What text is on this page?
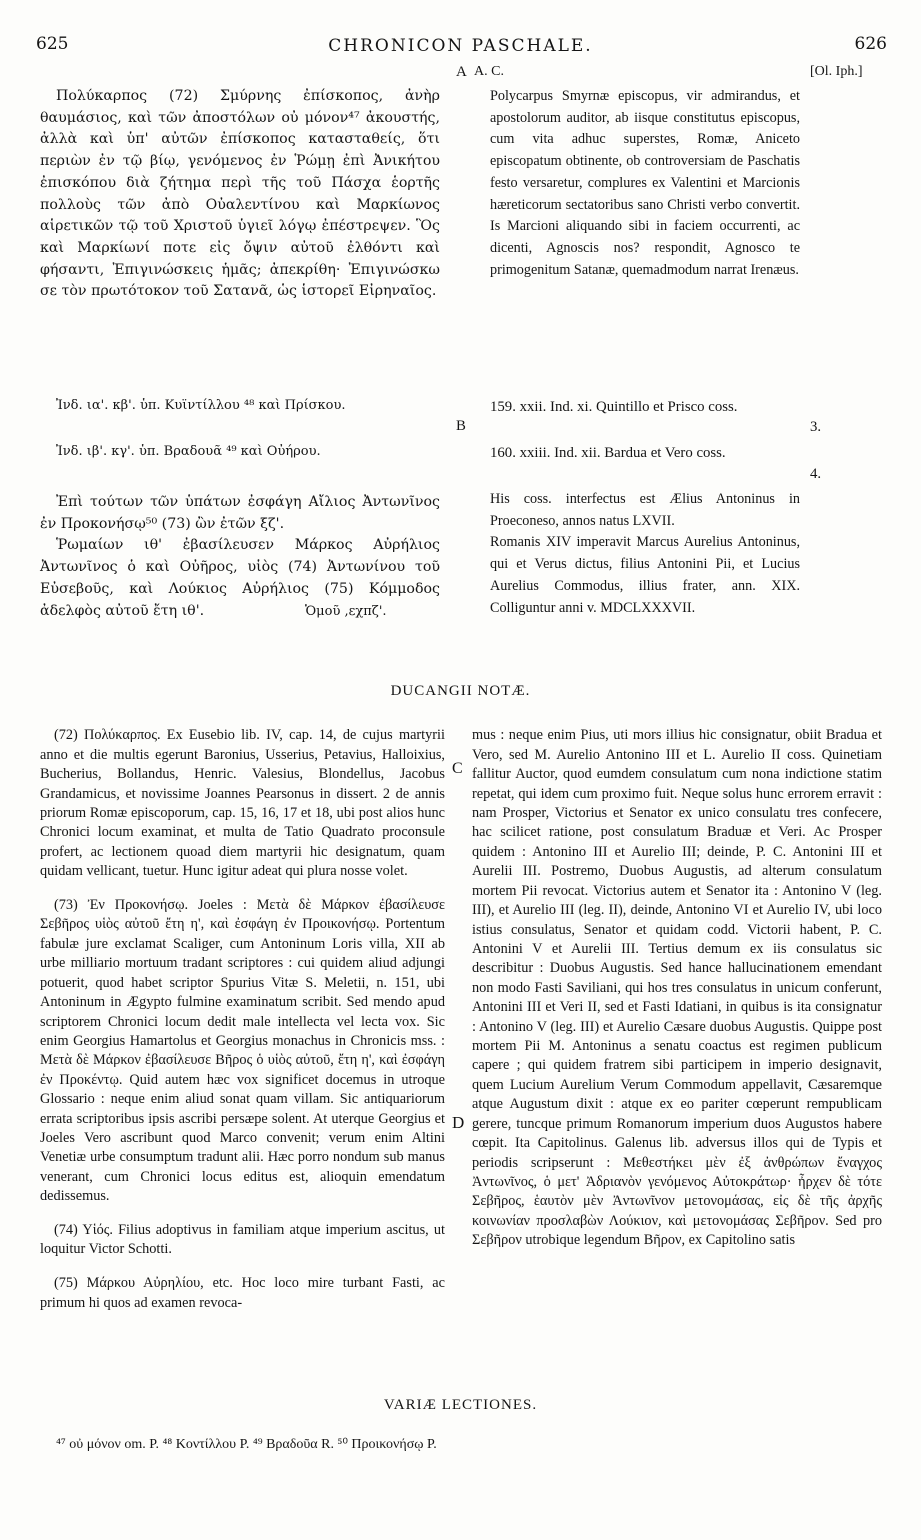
625	CHRONICON PASCHALE.	626
A A. C.	[Ol. Iph.]

Πολύκαρπος (72) Σμύρνης ἐπίσκοπος, ἀνὴρ θαυμάσιος, καὶ τῶν ἀποστόλων οὐ μόνον⁴⁷ ἀκουστής, ἀλλὰ καὶ ὑπ' αὐτῶν ἐπίσκοπος κατασταθείς, ὅτι περιὼν ἐν τῷ βίῳ, γενόμενος ἐν Ῥώμῃ ἐπὶ Ἀνικήτου ἐπισκόπου διὰ ζήτημα περὶ τῆς τοῦ Πάσχα ἑορτῆς πολλοὺς τῶν ἀπὸ Οὐαλεντίνου καὶ Μαρκίωνος αἱρετικῶν τῷ τοῦ Χριστοῦ ὑγιεῖ λόγῳ ἐπέστρεψεν. Ὃς καὶ Μαρκίωνί ποτε εἰς ὄψιν αὐτοῦ ἐλθόντι καὶ φήσαντι, Ἐπιγινώσκεις ἡμᾶς; ἀπεκρίθη· Ἐπιγινώσκω σε τὸν πρωτότοκον τοῦ Σατανᾶ, ὡς ἱστορεῖ Εἰρηναῖος.

Ἰνδ. ια'. κβ'. ὑπ. Κυϊντίλλου ⁴⁸ καὶ Πρίσκου.
Ἰνδ. ιβ'. κγ'. ὑπ. Βραδουᾶ ⁴⁹ καὶ Οὐήρου.

Ἐπὶ τούτων τῶν ὑπάτων ἐσφάγη Αἴλιος Ἀντωνῖνος ἐν Προκονήσῳ⁵⁰ (73) ὢν ἐτῶν ξζ'.

Ῥωμαίων ιθ' ἐβασίλευσεν Μάρκος Αὐρήλιος Ἀντωνῖνος ὁ καὶ Οὐῆρος, υἱὸς (74) Ἀντωνίνου τοῦ Εὐσεβοῦς, καὶ Λούκιος Αὐρήλιος (75) Κόμμοδος ἀδελφὸς αὐτοῦ ἔτη ιθ'.	Ὁμοῦ ,εχπζ'.

Polycarpus Smyrnæ episcopus, vir admirandus, et apostolorum auditor, ab iisque constitutus episcopus, cum vita adhuc superstes, Romæ, Aniceto episcopatum obtinente, ob controversiam de Paschatis festo versaretur, complures ex Valentini et Marcionis hæreticorum sectatoribus sano Christi verbo convertit. Is Marcioni aliquando sibi in faciem occurrenti, ac dicenti, Agnoscis nos? respondit, Agnosco te primogenitum Satanæ, quemadmodum narrat Irenæus.

B
159. xxii. Ind. xi. Quintillo et Prisco coss.
3.
160. xxiii. Ind. xii. Bardua et Vero coss.
4.

His coss. interfectus est Ælius Antoninus in Proeconeso, annos natus LXVII.

Romanis XIV imperavit Marcus Aurelius Antoninus, qui et Verus dictus, filius Antonini Pii, et Lucius Aurelius Commodus, illius frater, ann. XIX. Colliguntur anni v. MDCLXXXVII.

DUCANGII NOTÆ.
C
D

(72) Πολύκαρπος. Ex Eusebio lib. IV, cap. 14, de cujus martyrii anno et die multis egerunt Baronius, Usserius, Petavius, Halloixius, Bucherius, Bollandus, Henric. Valesius, Blondellus, Jacobus Grandamicus, et novissime Joannes Pearsonus in dissert. 2 de annis priorum Romæ episcoporum, cap. 15, 16, 17 et 18, ubi post alios hunc Chronici locum examinat, et multa de Tatio Quadrato proconsule profert, ac lectionem quoad diem martyrii hic designatum, quam quidam vellicant, tuetur. Hunc igitur adeat qui plura nosse volet.

(73) Ἐν Προκονήσῳ. Joeles : Μετὰ δὲ Μάρκον ἐβασίλευσε Σεβῆρος υἱὸς αὐτοῦ ἔτη η', καὶ ἐσφάγη ἐν Προικονήσῳ. Portentum fabulæ jure exclamat Scaliger, cum Antoninum Loris villa, XII ab urbe milliario mortuum tradant scriptores : cui quidem aliud adjungi potuerit, quod habet scriptor Spurius Vitæ S. Meletii, n. 151, ubi Antoninum in Ægypto fulmine examinatum scribit. Sed mendo apud scriptorem Chronici locum dedit male intellecta vel lecta vox. Sic enim Georgius Hamartolus et Georgius monachus in Chronicis mss. : Μετὰ δὲ Μάρκον ἐβασίλευσε Βῆρος ὁ υἱὸς αὐτοῦ, ἔτη η', καὶ ἐσφάγη ἐν Προκέντῳ. Quid autem hæc vox significet docemus in utroque Glossario : neque enim aliud sonat quam villam. Sic antiquariorum errata scriptoribus ipsis ascribi persæpe solent. At uterque Georgius et Joeles Vero ascribunt quod Marco convenit; verum enim Altini Venetiæ urbe consumptum tradunt alii. Hæc porro nondum sub manus venerant, cum Chronici locus editus est, alioquin emendatum dedissemus.

(74) Υἱός. Filius adoptivus in familiam atque imperium ascitus, ut loquitur Victor Schotti.

(75) Μάρκου Αὐρηλίου, etc. Hoc loco mire turbant Fasti, ac primum hi quos ad examen revoca-

mus : neque enim Pius, uti mors illius hic consignatur, obiit Bradua et Vero, sed M. Aurelio Antonino III et L. Aurelio II coss. Quinetiam fallitur Auctor, quod eumdem consulatum cum nona indictione statim repetat, qui idem cum proximo fuit. Neque solus hunc errorem erravit : nam Prosper, Victorius et Senator ex unico consulatu tres confecere, hac scilicet ratione, post consulatum Braduæ et Veri. Ac Prosper quidem : Antonino III et Aurelio III; deinde, P. C. Antonini III et Aurelii III. Postremo, Duobus Augustis, ad alterum consulatum mortem Pii revocat. Victorius autem et Senator ita : Antonino V (leg. III), et Aurelio III (leg. II), deinde, Antonino VI et Aurelio IV, ubi loco istius consulatus, Senator et quidam codd. Victorii habent, P. C. Antonini V et Aurelii III. Tertius demum ex iis consulatus sic describitur : Duobus Augustis. Sed hance hallucinationem emendant non modo Fasti Saviliani, qui hos tres consulatus in unicum conferunt, Antonini III et Veri II, sed et Fasti Idatiani, in quibus is ita consignatur : Antonino V (leg. III) et Aurelio Cæsare duobus Augustis. Quippe post mortem Pii M. Antoninus a senatu coactus est regimen publicum capere ; qui quidem fratrem sibi participem in imperio designavit, quem Lucium Aurelium Verum Commodum appellavit, Cæsaremque atque Augustum dixit : atque ex eo pariter cœperunt rempublicam gerere, tuncque primum Romanorum imperium duos Augustos habere cœpit. Ita Capitolinus. Galenus lib. adversus illos qui de Typis et periodis scripserunt : Μεθεστήκει μὲν ἐξ ἀνθρώπων ἔναγχος Ἀντωνῖνος, ὁ μετ' Ἀδριανὸν γενόμενος Αὐτοκράτωρ· ἦρχεν δὲ τότε Σεβῆρος, ἑαυτὸν μὲν Ἀντωνῖνον μετονομάσας, εἰς δὲ τῆς ἀρχῆς κοινωνίαν προσλαβὼν Λούκιον, καὶ μετονομάσας Σεβῆρον. Sed pro Σεβῆρον utrobique legendum Βῆρον, ex Capitolino satis

VARIÆ LECTIONES.
⁴⁷ οὐ μόνον om. P. ⁴⁸ Κοντίλλου P. ⁴⁹ Βραδοῦα R. ⁵⁰ Προικονήσῳ P.
